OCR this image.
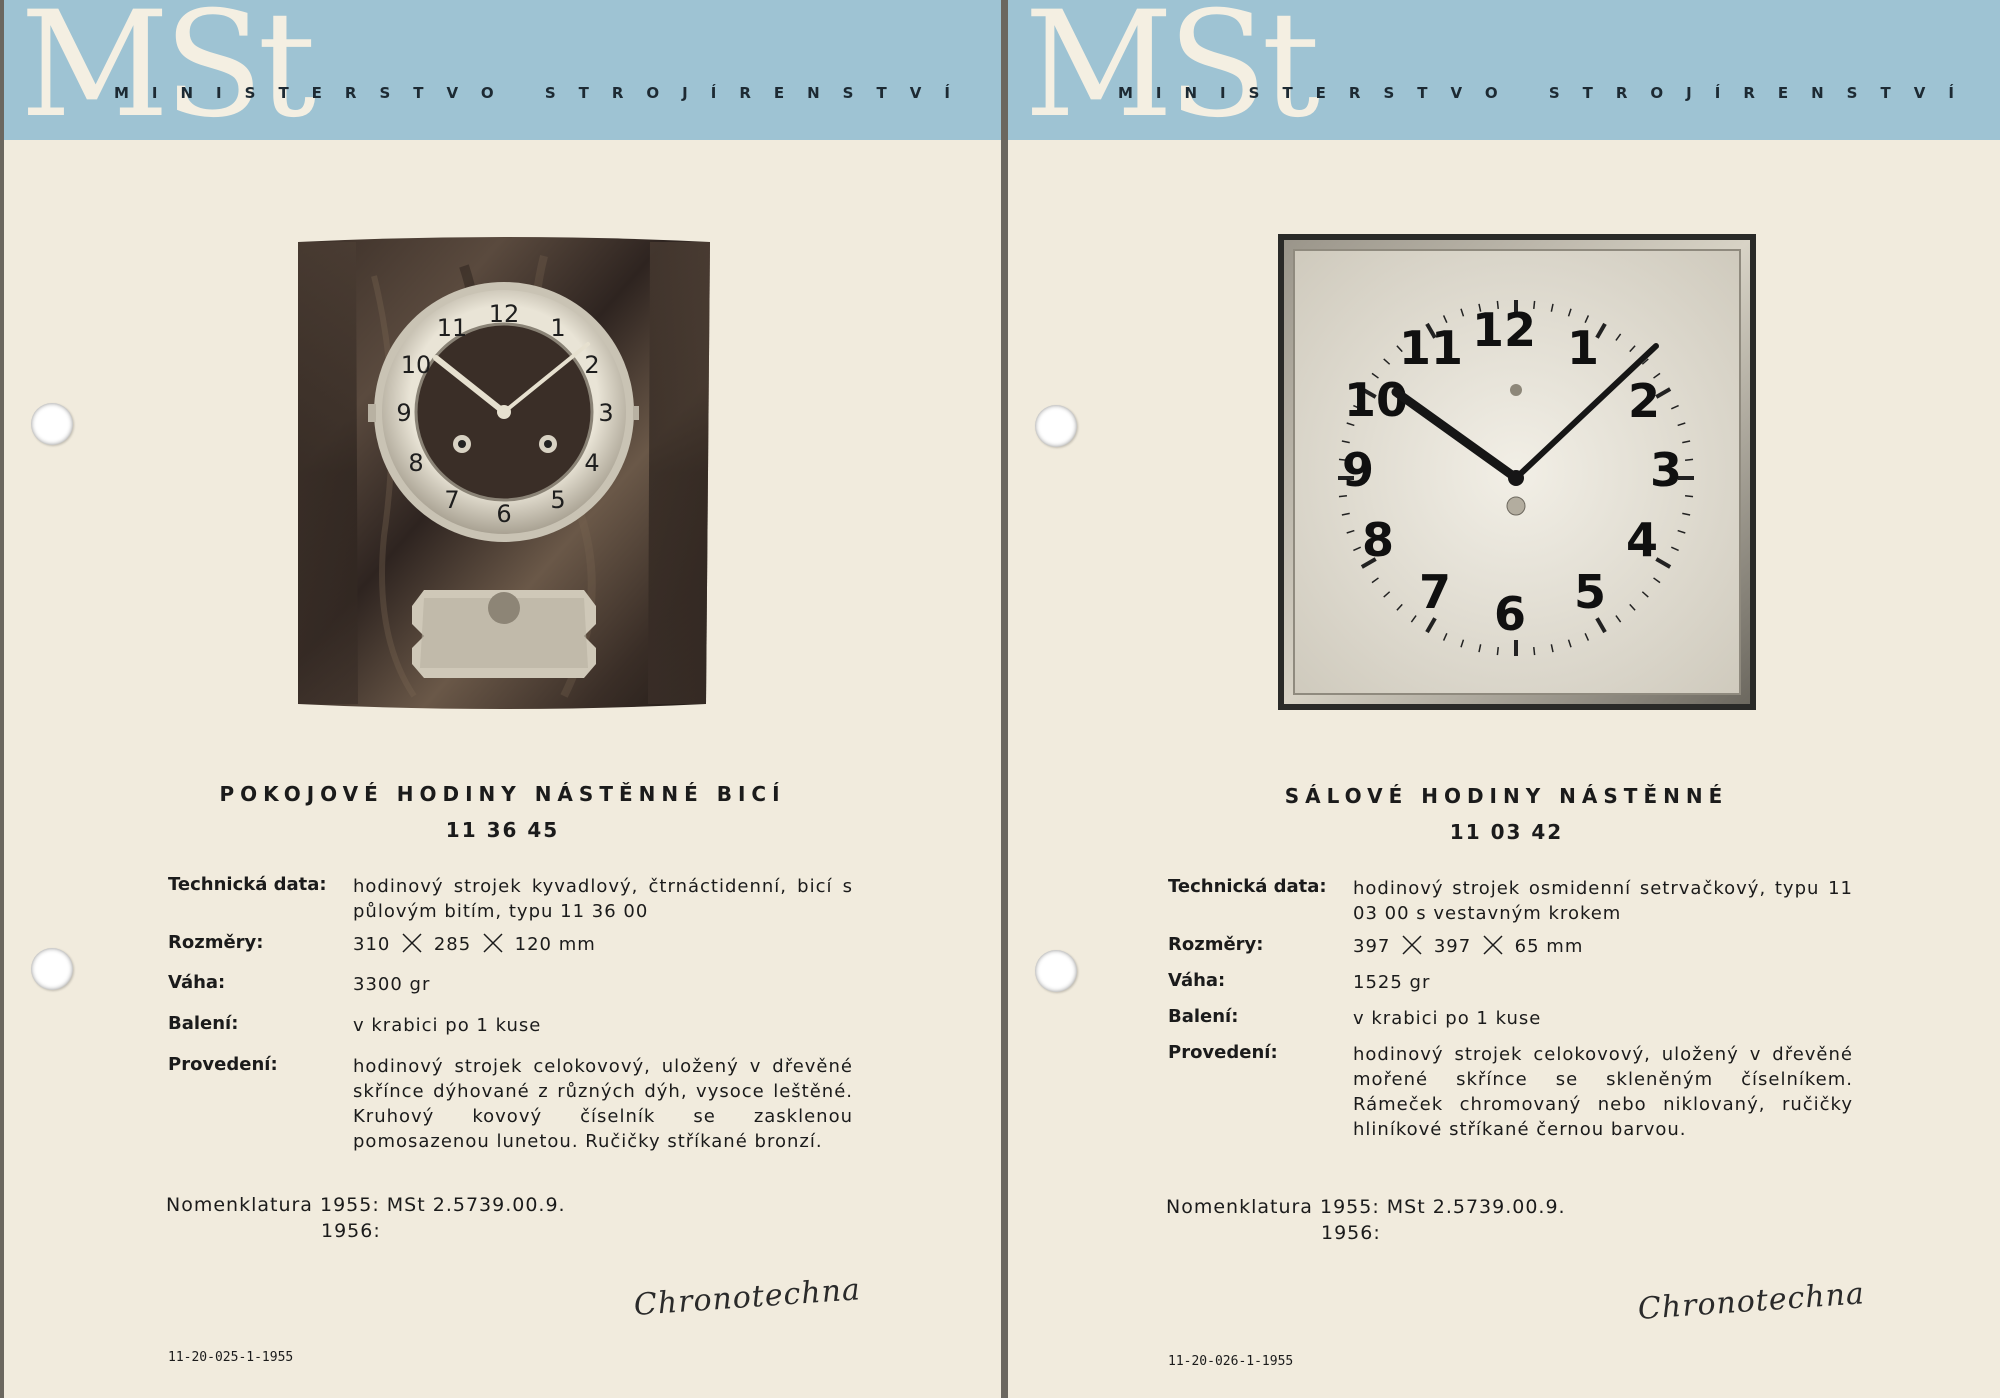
MSt
MINISTERSTVO STROJÍRENSTVÍ
12 1
2
3
4
5
6
7
8
9
10
11
POKOJOVÉ HODINY NÁSTĚNNÉ BICÍ
11 36 45
Technická data: hodinový strojek kyvadlový, čtrnáctidenní, bicí s půlovým bitím, typu 11 36 00
Rozměry:	310 285 120 mm
Váha:	3300 gr
Balení:	v krabici po 1 kuse
Provedení:	hodinový strojek celokovový, uložený v dřevěné skřínce dýhované z různých dýh, vysoce leštěné. Kruhový kovový číselník se zasklenou pomosazenou lunetou. Ručičky stříkané bronzí.
Nomenklatura 1955: MSt 2.5739.00.9.
1956:
Chronotechna
11-20-025-1-1955
MSt
MINISTERSTVO STROJÍRENSTVÍ
12 1
2
3
4
5
6
7
8
9
10
11
SÁLOVÉ HODINY NÁSTĚNNÉ
11 03 42
Technická data: hodinový strojek osmidenní setrvačkový, typu 11 03 00 s vestavným krokem
Rozměry:	397 397 65 mm
Váha:	1525 gr
Balení:	v krabici po 1 kuse
Provedení:	hodinový strojek celokovový, uložený v dřevěné mořené skřínce se skleněným číselníkem. Rámeček chromovaný nebo niklovaný, ručičky hliníkové stříkané černou barvou.
Nomenklatura 1955: MSt 2.5739.00.9.
1956:
Chronotechna
11-20-026-1-1955
